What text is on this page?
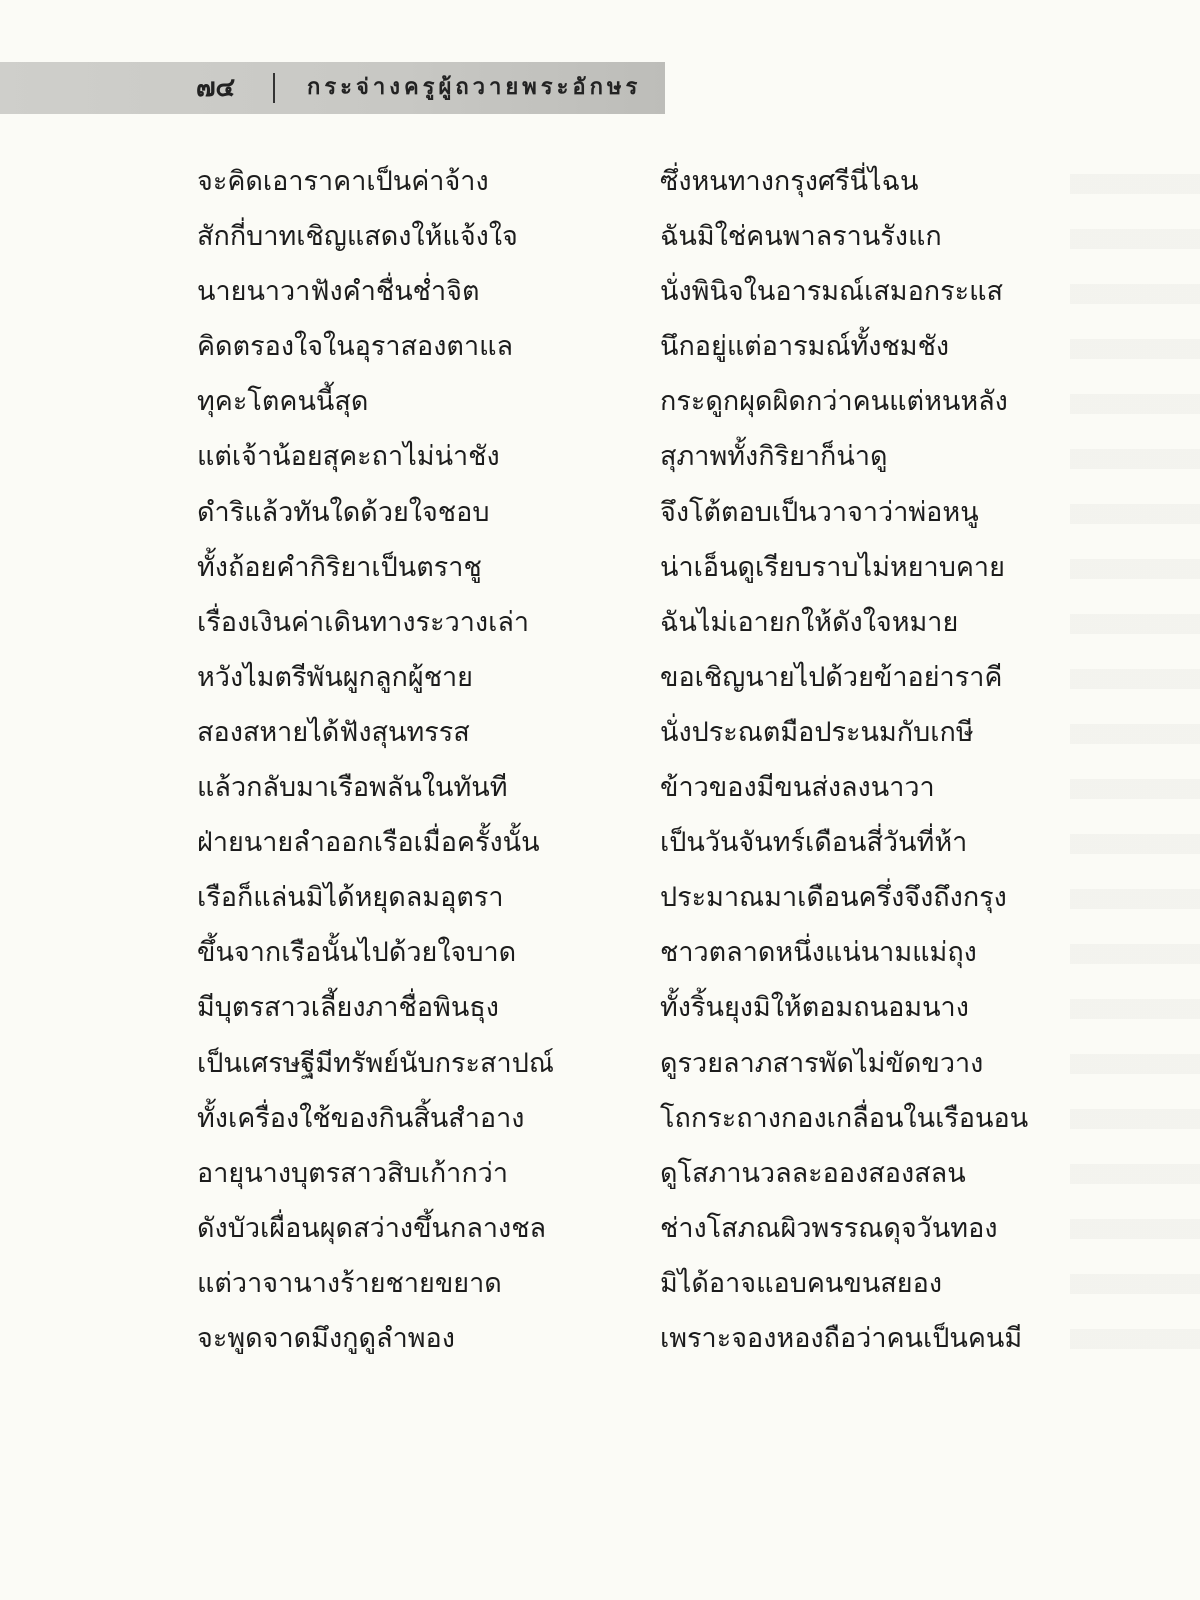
๗๔	กระจ่างครูผู้ถวายพระอักษร
จะคิดเอาราคาเป็นค่าจ้าง	ซึ่งหนทางกรุงศรีนี่ไฉน
สักกี่บาทเชิญแสดงให้แจ้งใจ	ฉันมิใช่คนพาลรานรังแก
นายนาวาฟังคำชื่นช่ำจิต	นั่งพินิจในอารมณ์เสมอกระแส
คิดตรองใจในอุราสองตาแล	นึกอยู่แต่อารมณ์ทั้งชมชัง
ทุคะโตคนนี้สุด	กระดูกผุดผิดกว่าคนแต่หนหลัง
แต่เจ้าน้อยสุคะถาไม่น่าชัง	สุภาพทั้งกิริยาก็น่าดู
ดำริแล้วทันใดด้วยใจชอบ	จึงโต้ตอบเป็นวาจาว่าพ่อหนู
ทั้งถ้อยคำกิริยาเป็นตราชู	น่าเอ็นดูเรียบราบไม่หยาบคาย
เรื่องเงินค่าเดินทางระวางเล่า	ฉันไม่เอายกให้ดังใจหมาย
หวังไมตรีพันผูกลูกผู้ชาย	ขอเชิญนายไปด้วยข้าอย่าราคี
สองสหายได้ฟังสุนทรรส	นั่งประณตมือประนมกับเกษี
แล้วกลับมาเรือพลันในทันที	ข้าวของมีขนส่งลงนาวา
ฝ่ายนายลำออกเรือเมื่อครั้งนั้น	เป็นวันจันทร์เดือนสี่วันที่ห้า
เรือก็แล่นมิได้หยุดลมอุตรา	ประมาณมาเดือนครึ่งจึงถึงกรุง
ขึ้นจากเรือนั้นไปด้วยใจบาด	ชาวตลาดหนึ่งแน่นามแม่ถุง
มีบุตรสาวเลี้ยงภาชื่อพินธุง	ทั้งริ้นยุงมิให้ตอมถนอมนาง
เป็นเศรษฐีมีทรัพย์นับกระสาปณ์	ดูรวยลาภสารพัดไม่ขัดขวาง
ทั้งเครื่องใช้ของกินสิ้นสำอาง	โถกระถางกองเกลื่อนในเรือนอน
อายุนางบุตรสาวสิบเก้ากว่า	ดูโสภานวลละอองสองสลน
ดังบัวเผื่อนผุดสว่างขึ้นกลางชล	ช่างโสภณผิวพรรณดุจวันทอง
แต่วาจานางร้ายชายขยาด	มิได้อาจแอบคนขนสยอง
จะพูดจาดมึงกูดูลำพอง	เพราะจองหองถือว่าคนเป็นคนมี
